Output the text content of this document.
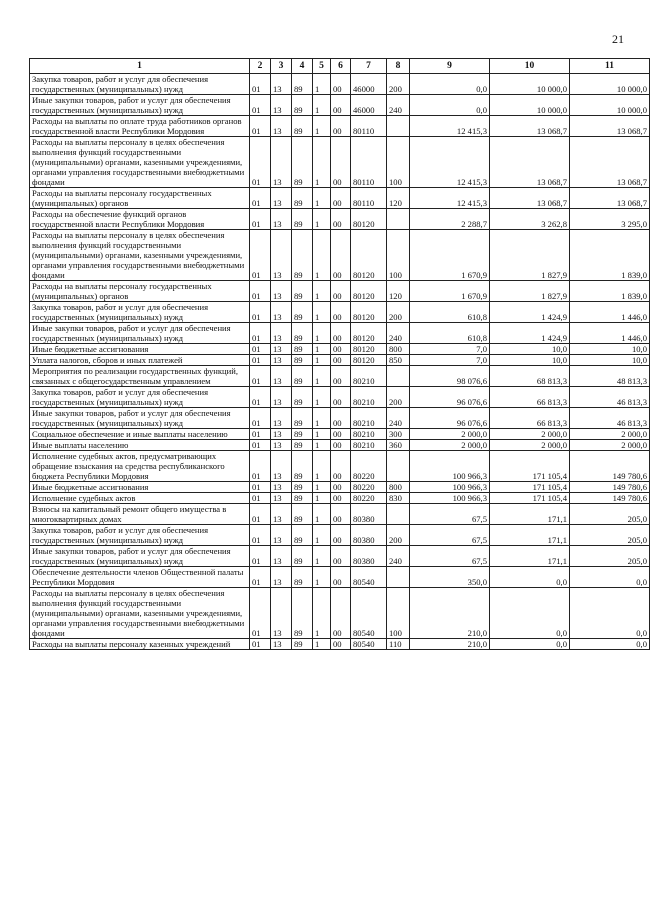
21
1	2	3	4	5	6	7	8	9	10	11
Закупка товаров, работ и услуг для обеспечения государственных (муниципальных) нужд	01	13	89	1	00	46000	200	0,0	10 000,0	10 000,0
Иные закупки товаров, работ и услуг для обеспечения государственных (муниципальных) нужд	01	13	89	1	00	46000	240	0,0	10 000,0	10 000,0
Расходы на выплаты по оплате труда работников органов государственной власти Республики Мордовия	01	13	89	1	00	80110		12 415,3	13 068,7	13 068,7
Расходы на выплаты персоналу в целях обеспечения выполнения функций государственными (муниципальными) органами, казенными учреждениями, органами управления государственными внебюджетными фондами	01	13	89	1	00	80110	100	12 415,3	13 068,7	13 068,7
Расходы на выплаты персоналу государственных (муниципальных) органов	01	13	89	1	00	80110	120	12 415,3	13 068,7	13 068,7
Расходы на обеспечение функций органов государственной власти Республики Мордовия	01	13	89	1	00	80120		2 288,7	3 262,8	3 295,0
Расходы на выплаты персоналу в целях обеспечения выполнения функций государственными (муниципальными) органами, казенными учреждениями, органами управления государственными внебюджетными фондами	01	13	89	1	00	80120	100	1 670,9	1 827,9	1 839,0
Расходы на выплаты персоналу государственных (муниципальных) органов	01	13	89	1	00	80120	120	1 670,9	1 827,9	1 839,0
Закупка товаров, работ и услуг для обеспечения государственных (муниципальных) нужд	01	13	89	1	00	80120	200	610,8	1 424,9	1 446,0
Иные закупки товаров, работ и услуг для обеспечения государственных (муниципальных) нужд	01	13	89	1	00	80120	240	610,8	1 424,9	1 446,0
Иные бюджетные ассигнования	01	13	89	1	00	80120	800	7,0	10,0	10,0
Уплата налогов, сборов и иных платежей	01	13	89	1	00	80120	850	7,0	10,0	10,0
Мероприятия по реализации государственных функций, связанных с общегосударственным управлением	01	13	89	1	00	80210		98 076,6	68 813,3	48 813,3
Закупка товаров, работ и услуг для обеспечения государственных (муниципальных) нужд	01	13	89	1	00	80210	200	96 076,6	66 813,3	46 813,3
Иные закупки товаров, работ и услуг для обеспечения государственных (муниципальных) нужд	01	13	89	1	00	80210	240	96 076,6	66 813,3	46 813,3
Социальное обеспечение и иные выплаты населению	01	13	89	1	00	80210	300	2 000,0	2 000,0	2 000,0
Иные выплаты населению	01	13	89	1	00	80210	360	2 000,0	2 000,0	2 000,0
Исполнение судебных актов, предусматривающих обращение взыскания на средства республиканского бюджета Республики Мордовия	01	13	89	1	00	80220		100 966,3	171 105,4	149 780,6
Иные бюджетные ассигнования	01	13	89	1	00	80220	800	100 966,3	171 105,4	149 780,6
Исполнение судебных актов	01	13	89	1	00	80220	830	100 966,3	171 105,4	149 780,6
Взносы на капитальный ремонт общего имущества в многоквартирных домах	01	13	89	1	00	80380		67,5	171,1	205,0
Закупка товаров, работ и услуг для обеспечения государственных (муниципальных) нужд	01	13	89	1	00	80380	200	67,5	171,1	205,0
Иные закупки товаров, работ и услуг для обеспечения государственных (муниципальных) нужд	01	13	89	1	00	80380	240	67,5	171,1	205,0
Обеспечение деятельности членов Общественной палаты Республики Мордовия	01	13	89	1	00	80540		350,0	0,0	0,0
Расходы на выплаты персоналу в целях обеспечения выполнения функций государственными (муниципальными) органами, казенными учреждениями, органами управления государственными внебюджетными фондами	01	13	89	1	00	80540	100	210,0	0,0	0,0
Расходы на выплаты персоналу казенных учреждений	01	13	89	1	00	80540	110	210,0	0,0	0,0
